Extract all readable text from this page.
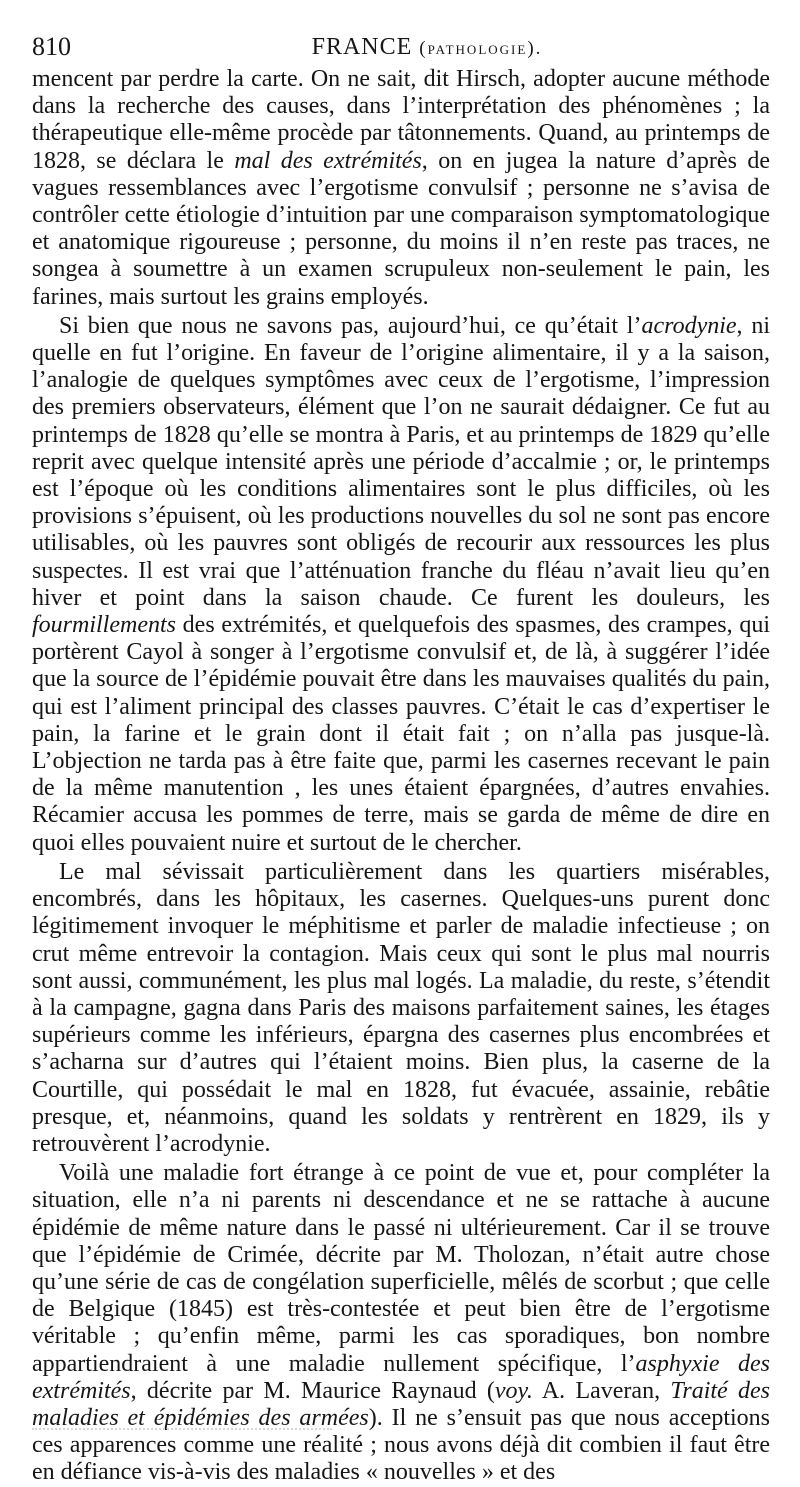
810	FRANCE (pathologie).

mencent par perdre la carte. On ne sait, dit Hirsch, adopter aucune méthode dans la recherche des causes, dans l’interprétation des phénomènes ; la thérapeutique elle-même procède par tâtonnements. Quand, au printemps de 1828, se déclara le mal des extrémités, on en jugea la nature d’après de vagues ressemblances avec l’ergotisme convulsif ; personne ne s’avisa de contrôler cette étiologie d’intuition par une comparaison symptomatologique et anatomique rigoureuse ; personne, du moins il n’en reste pas traces, ne songea à soumettre à un examen scrupuleux non-seulement le pain, les farines, mais surtout les grains employés.

Si bien que nous ne savons pas, aujourd’hui, ce qu’était l’acrodynie, ni quelle en fut l’origine. En faveur de l’origine alimentaire, il y a la saison, l’analogie de quelques symptômes avec ceux de l’ergotisme, l’impression des premiers observateurs, élément que l’on ne saurait dédaigner. Ce fut au printemps de 1828 qu’elle se montra à Paris, et au printemps de 1829 qu’elle reprit avec quelque intensité après une période d’accalmie ; or, le printemps est l’époque où les conditions alimentaires sont le plus difficiles, où les provisions s’épuisent, où les productions nouvelles du sol ne sont pas encore utilisables, où les pauvres sont obligés de recourir aux ressources les plus suspectes. Il est vrai que l’atténuation franche du fléau n’avait lieu qu’en hiver et point dans la saison chaude. Ce furent les douleurs, les fourmillements des extrémités, et quelquefois des spasmes, des crampes, qui portèrent Cayol à songer à l’ergotisme convulsif et, de là, à suggérer l’idée que la source de l’épidémie pouvait être dans les mauvaises qualités du pain, qui est l’aliment principal des classes pauvres. C’était le cas d’expertiser le pain, la farine et le grain dont il était fait ; on n’alla pas jusque-là. L’objection ne tarda pas à être faite que, parmi les casernes recevant le pain de la même manutention , les unes étaient épargnées, d’autres envahies. Récamier accusa les pommes de terre, mais se garda de même de dire en quoi elles pouvaient nuire et surtout de le chercher.

Le mal sévissait particulièrement dans les quartiers misérables, encombrés, dans les hôpitaux, les casernes. Quelques-uns purent donc légitimement invoquer le méphitisme et parler de maladie infectieuse ; on crut même entrevoir la contagion. Mais ceux qui sont le plus mal nourris sont aussi, communément, les plus mal logés. La maladie, du reste, s’étendit à la campagne, gagna dans Paris des maisons parfaitement saines, les étages supérieurs comme les inférieurs, épargna des casernes plus encombrées et s’acharna sur d’autres qui l’étaient moins. Bien plus, la caserne de la Courtille, qui possédait le mal en 1828, fut évacuée, assainie, rebâtie presque, et, néanmoins, quand les soldats y rentrèrent en 1829, ils y retrouvèrent l’acrodynie.

Voilà une maladie fort étrange à ce point de vue et, pour compléter la situation, elle n’a ni parents ni descendance et ne se rattache à aucune épidémie de même nature dans le passé ni ultérieurement. Car il se trouve que l’épidémie de Crimée, décrite par M. Tholozan, n’était autre chose qu’une série de cas de congélation superficielle, mêlés de scorbut ; que celle de Belgique (1845) est très-contestée et peut bien être de l’ergotisme véritable ; qu’enfin même, parmi les cas sporadiques, bon nombre appartiendraient à une maladie nullement spécifique, l’asphyxie des extrémités, décrite par M. Maurice Raynaud (voy. A. Laveran, Traité des maladies et épidémies des armées). Il ne s’ensuit pas que nous acceptions ces apparences comme une réalité ; nous avons déjà dit combien il faut être en défiance vis-à-vis des maladies « nouvelles » et des
